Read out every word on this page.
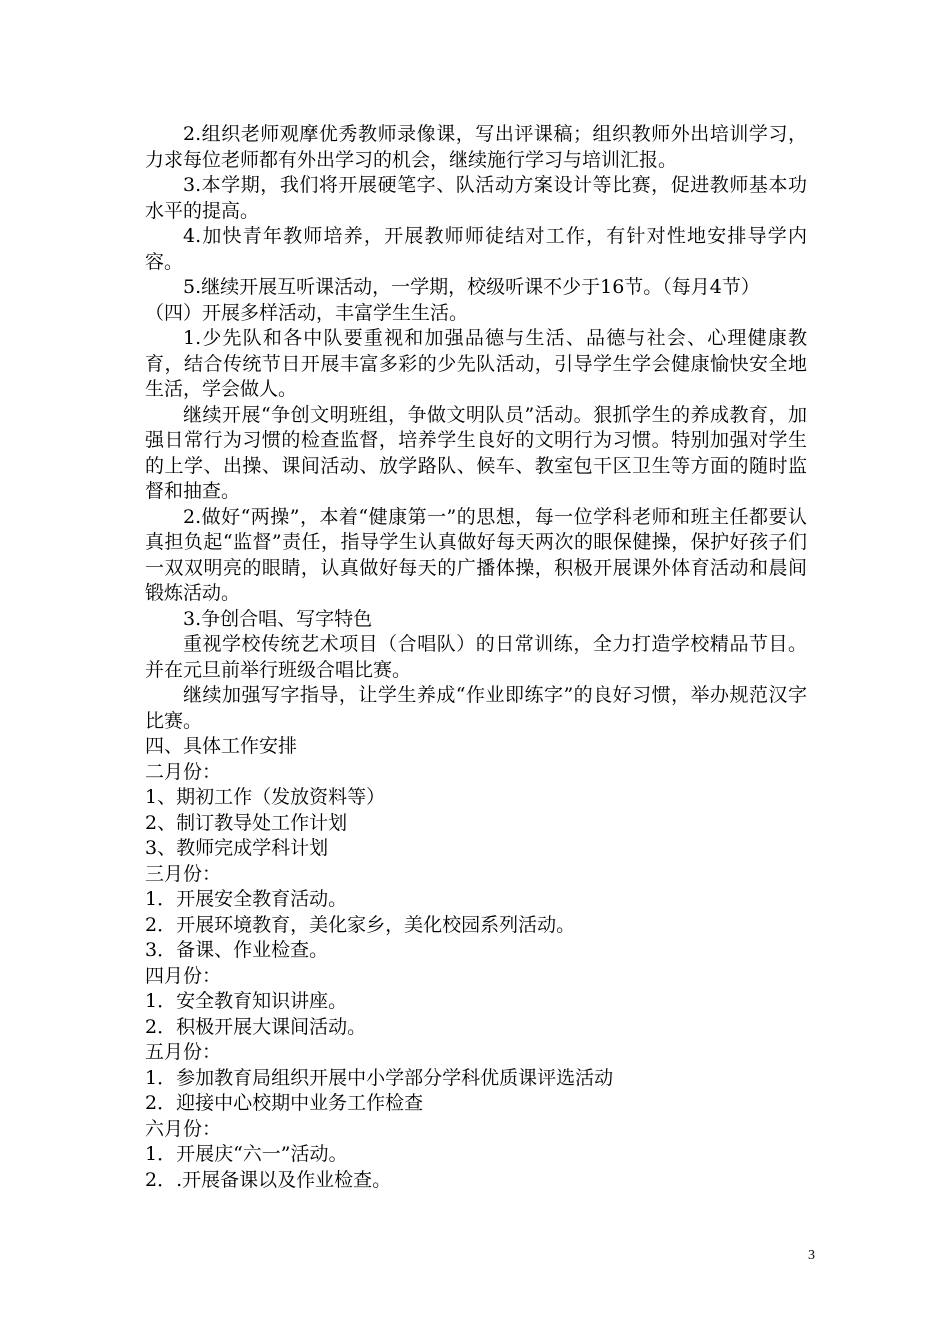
2.组织老师观摩优秀教师录像课，写出评课稿；组织教师外出培训学习，力求每位老师都有外出学习的机会，继续施行学习与培训汇报。

3.本学期，我们将开展硬笔字、队活动方案设计等比赛，促进教师基本功水平的提高。

4.加快青年教师培养，开展教师师徒结对工作，有针对性地安排导学内容。

5.继续开展互听课活动，一学期，校级听课不少于16节。（每月4节）

（四）开展多样活动，丰富学生生活。

1.少先队和各中队要重视和加强品德与生活、品德与社会、心理健康教育，结合传统节日开展丰富多彩的少先队活动，引导学生学会健康愉快安全地生活，学会做人。

继续开展“争创文明班组，争做文明队员”活动。狠抓学生的养成教育，加强日常行为习惯的检查监督，培养学生良好的文明行为习惯。特别加强对学生的上学、出操、课间活动、放学路队、候车、教室包干区卫生等方面的随时监督和抽查。

2.做好“两操”，本着“健康第一”的思想，每一位学科老师和班主任都要认真担负起“监督”责任，指导学生认真做好每天两次的眼保健操，保护好孩子们一双双明亮的眼睛，认真做好每天的广播体操，积极开展课外体育活动和晨间锻炼活动。

3.争创合唱、写字特色

重视学校传统艺术项目（合唱队）的日常训练，全力打造学校精品节目。并在元旦前举行班级合唱比赛。

继续加强写字指导，让学生养成“作业即练字”的良好习惯，举办规范汉字比赛。

四、具体工作安排

二月份：

1、期初工作（发放资料等）

2、制订教导处工作计划

3、教师完成学科计划

三月份：

1．开展安全教育活动。

2．开展环境教育，美化家乡，美化校园系列活动。

3．备课、作业检查。

四月份：

1．安全教育知识讲座。

2．积极开展大课间活动。

五月份：

1．参加教育局组织开展中小学部分学科优质课评选活动

2．迎接中心校期中业务工作检查

六月份：

1．开展庆“六一”活动。

2．.开展备课以及作业检查。

3
